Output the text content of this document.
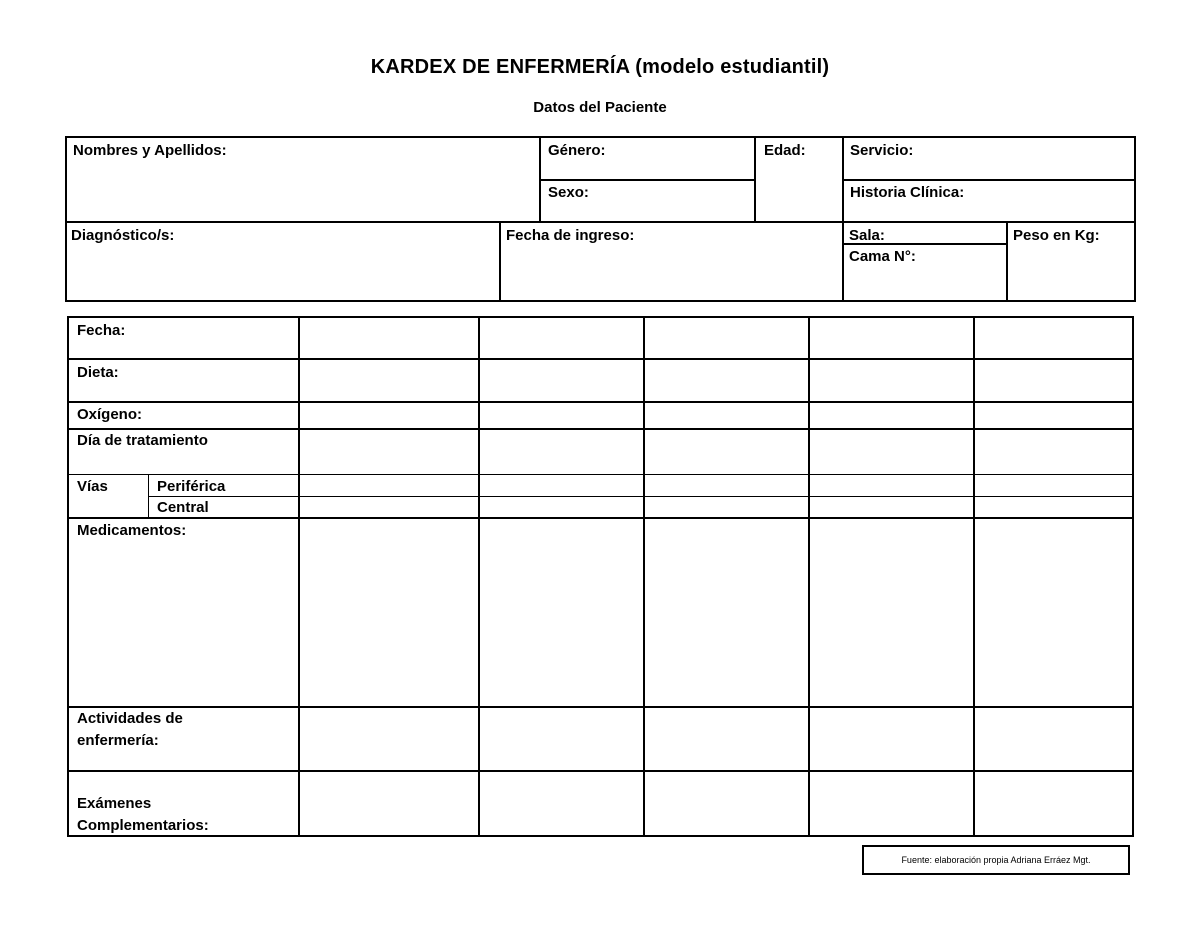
KARDEX DE ENFERMERÍA (modelo estudiantil)
Datos del Paciente
Nombres y Apellidos:	Género:
Sexo:
Edad:	Servicio:
Historia Clínica:
Diagnóstico/s:	Fecha de ingreso:	Sala:
Cama N°:
Peso en Kg:
Fecha:
Dieta:
Oxígeno:
Día de tratamiento
Vías	Periférica
Central
Medicamentos:
Actividades de enfermería:
Exámenes Complementarios:
Fuente: elaboración propia Adriana Erráez Mgt.
